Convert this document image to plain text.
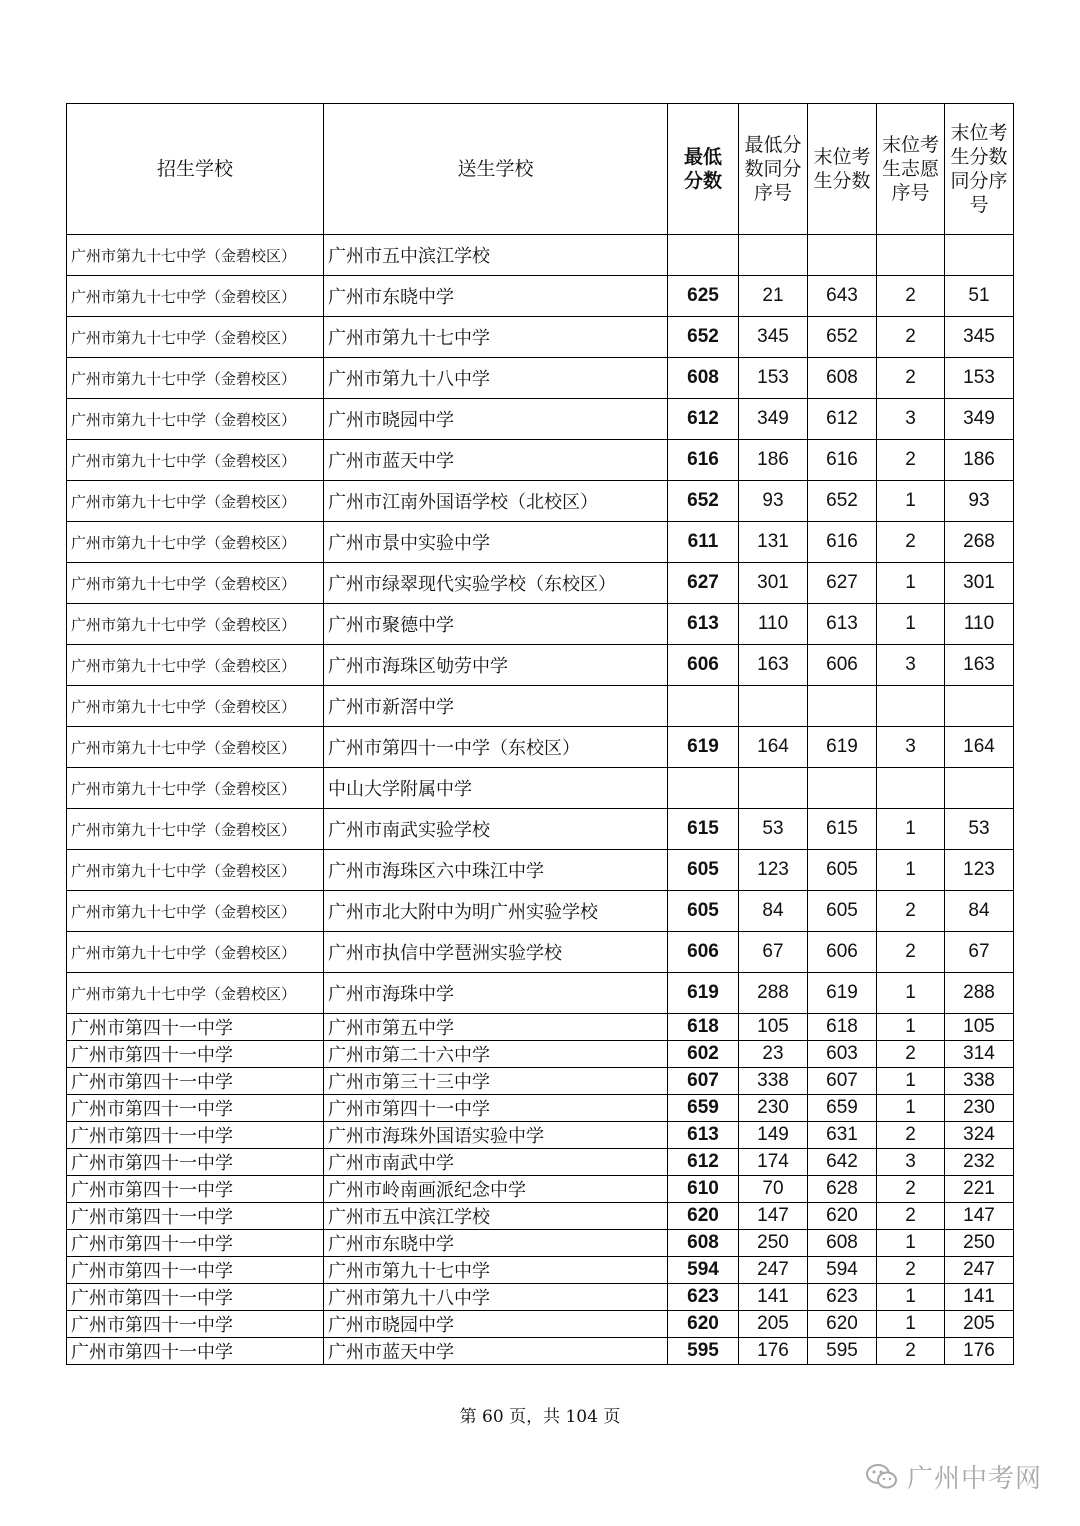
招生学校	送生学校	最低分数	最低分数同分序号	末位考生分数	末位考生志愿序号	末位考生分数同分序号

广州市第九十七中学（金碧校区）	广州市五中滨江学校					
广州市第九十七中学（金碧校区）	广州市东晓中学	625	21	643	2	51
广州市第九十七中学（金碧校区）	广州市第九十七中学	652	345	652	2	345
广州市第九十七中学（金碧校区）	广州市第九十八中学	608	153	608	2	153
广州市第九十七中学（金碧校区）	广州市晓园中学	612	349	612	3	349
广州市第九十七中学（金碧校区）	广州市蓝天中学	616	186	616	2	186
广州市第九十七中学（金碧校区）	广州市江南外国语学校（北校区）	652	93	652	1	93
广州市第九十七中学（金碧校区）	广州市景中实验中学	611	131	616	2	268
广州市第九十七中学（金碧校区）	广州市绿翠现代实验学校（东校区）	627	301	627	1	301
广州市第九十七中学（金碧校区）	广州市聚德中学	613	110	613	1	110
广州市第九十七中学（金碧校区）	广州市海珠区劬劳中学	606	163	606	3	163
广州市第九十七中学（金碧校区）	广州市新滘中学					
广州市第九十七中学（金碧校区）	广州市第四十一中学（东校区）	619	164	619	3	164
广州市第九十七中学（金碧校区）	中山大学附属中学					
广州市第九十七中学（金碧校区）	广州市南武实验学校	615	53	615	1	53
广州市第九十七中学（金碧校区）	广州市海珠区六中珠江中学	605	123	605	1	123
广州市第九十七中学（金碧校区）	广州市北大附中为明广州实验学校	605	84	605	2	84
广州市第九十七中学（金碧校区）	广州市执信中学琶洲实验学校	606	67	606	2	67
广州市第九十七中学（金碧校区）	广州市海珠中学	619	288	619	1	288
广州市第四十一中学	广州市第五中学	618	105	618	1	105
广州市第四十一中学	广州市第二十六中学	602	23	603	2	314
广州市第四十一中学	广州市第三十三中学	607	338	607	1	338
广州市第四十一中学	广州市第四十一中学	659	230	659	1	230
广州市第四十一中学	广州市海珠外国语实验中学	613	149	631	2	324
广州市第四十一中学	广州市南武中学	612	174	642	3	232
广州市第四十一中学	广州市岭南画派纪念中学	610	70	628	2	221
广州市第四十一中学	广州市五中滨江学校	620	147	620	2	147
广州市第四十一中学	广州市东晓中学	608	250	608	1	250
广州市第四十一中学	广州市第九十七中学	594	247	594	2	247
广州市第四十一中学	广州市第九十八中学	623	141	623	1	141
广州市第四十一中学	广州市晓园中学	620	205	620	1	205
广州市第四十一中学	广州市蓝天中学	595	176	595	2	176
第 60 页，共 104 页
广州中考网
